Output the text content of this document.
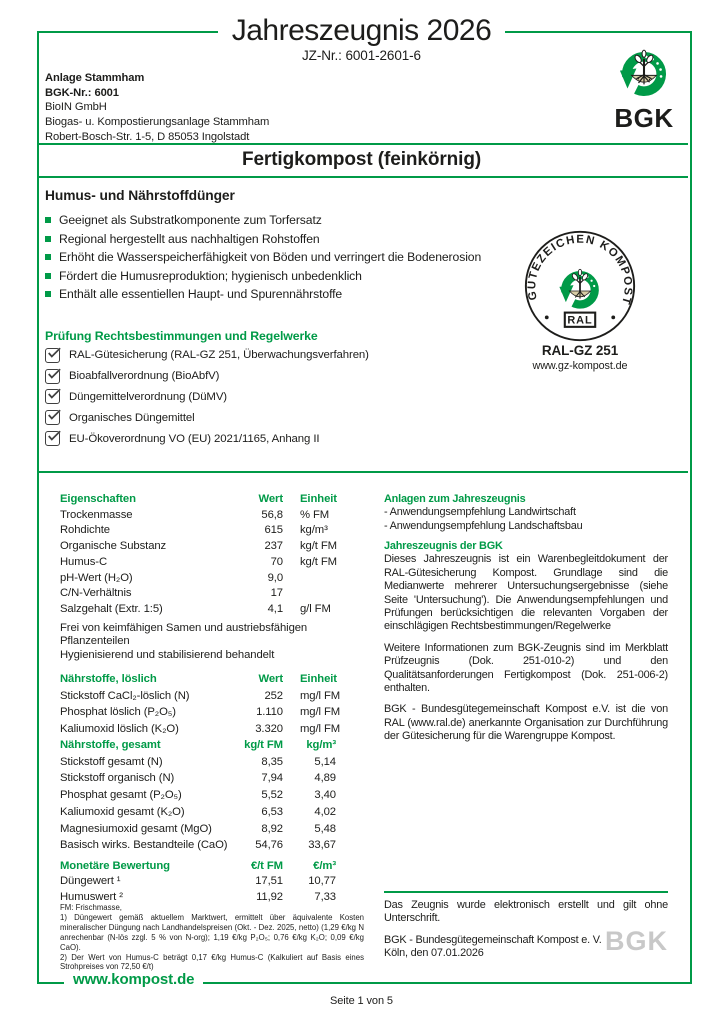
Jahreszeugnis 2026
JZ-Nr.: 6001-2601-6
Anlage Stammham
BGK-Nr.: 6001
BioIN GmbH
Biogas- u. Kompostierungsanlage Stammham
Robert-Bosch-Str. 1-5, D 85053 Ingolstadt
BGK
Fertigkompost (feinkörnig)
Humus- und Nährstoffdünger
Geeignet als Substratkomponente zum Torfersatz
Regional hergestellt aus nachhaltigen Rohstoffen
Erhöht die Wasserspeicherfähigkeit von Böden und verringert die Bodenerosion
Fördert die Humusreproduktion; hygienisch unbedenklich
Enthält alle essentiellen Haupt- und Spurennährstoffe
Prüfung Rechtsbestimmungen und Regelwerke
RAL-Gütesicherung (RAL-GZ 251, Überwachungsverfahren)
Bioabfallverordnung (BioAbfV)
Düngemittelverordnung (DüMV)
Organisches Düngemittel
EU-Ökoverordnung VO (EU) 2021/1165, Anhang II
GÜTEZEICHEN KOMPOST
RAL
RAL-GZ 251
www.gz-kompost.de
Eigenschaften	Wert	Einheit
Trockenmasse	56,8	% FM
Rohdichte	615	kg/m³
Organische Substanz	237	kg/t FM
Humus-C	70	kg/t FM
pH-Wert (H₂O)	9,0
C/N-Verhältnis	17
Salzgehalt (Extr. 1:5)	4,1	g/l FM
Frei von keimfähigen Samen und austriebsfähigen Pflanzenteilen
Hygienisierend und stabilisierend behandelt
Nährstoffe, löslich	Wert	Einheit
Stickstoff CaCl₂-löslich (N)	252	mg/l FM
Phosphat löslich (P₂O₅)	1.110	mg/l FM
Kaliumoxid löslich (K₂O)	3.320	mg/l FM
Nährstoffe, gesamt	kg/t FM	kg/m³
Stickstoff gesamt (N)	8,35	5,14
Stickstoff organisch (N)	7,94	4,89
Phosphat gesamt (P₂O₅)	5,52	3,40
Kaliumoxid gesamt (K₂O)	6,53	4,02
Magnesiumoxid gesamt (MgO)	8,92	5,48
Basisch wirks. Bestandteile (CaO)	54,76	33,67
Monetäre Bewertung	€/t FM	€/m³
Düngewert ¹	17,51	10,77
Humuswert ²	11,92	7,33
FM: Frischmasse,
1) Düngewert gemäß aktuellem Marktwert, ermittelt über äquivalente Kosten mineralischer Düngung nach Landhandelspreisen (Okt. - Dez. 2025, netto) (1,29 €/kg N anrechenbar (N-lös zzgl. 5 % von N-org); 1,19 €/kg P₂O₅; 0,76 €/kg K₂O; 0,09 €/kg CaO).
2) Der Wert von Humus-C beträgt 0,17 €/kg Humus-C (Kalkuliert auf Basis eines Strohpreises von 72,50 €/t)
Anlagen zum Jahreszeugnis
- Anwendungsempfehlung Landwirtschaft
- Anwendungsempfehlung Landschaftsbau
Jahreszeugnis der BGK

Dieses Jahreszeugnis ist ein Warenbegleitdokument der RAL-Gütesicherung Kompost. Grundlage sind die Medianwerte mehrerer Untersuchungsergebnisse (siehe Seite 'Untersuchung'). Die Anwendungsempfehlungen und Prüfungen berücksichtigen die relevanten Vorgaben der einschlägigen Rechtsbestimmungen/Regelwerke

Weitere Informationen zum BGK-Zeugnis sind im Merkblatt Prüfzeugnis (Dok. 251-010-2) und den Qualitätsanforderungen Fertigkompost (Dok. 251-006-2) enthalten.

BGK - Bundesgütegemeinschaft Kompost e.V. ist die von RAL (www.ral.de) anerkannte Organisation zur Durchführung der Gütesicherung für die Warengruppe Kompost.

Das Zeugnis wurde elektronisch erstellt und gilt ohne Unterschrift.

BGK - Bundesgütegemeinschaft Kompost e. V.
Köln, den 07.01.2026	BGK
www.kompost.de
Seite 1 von 5
